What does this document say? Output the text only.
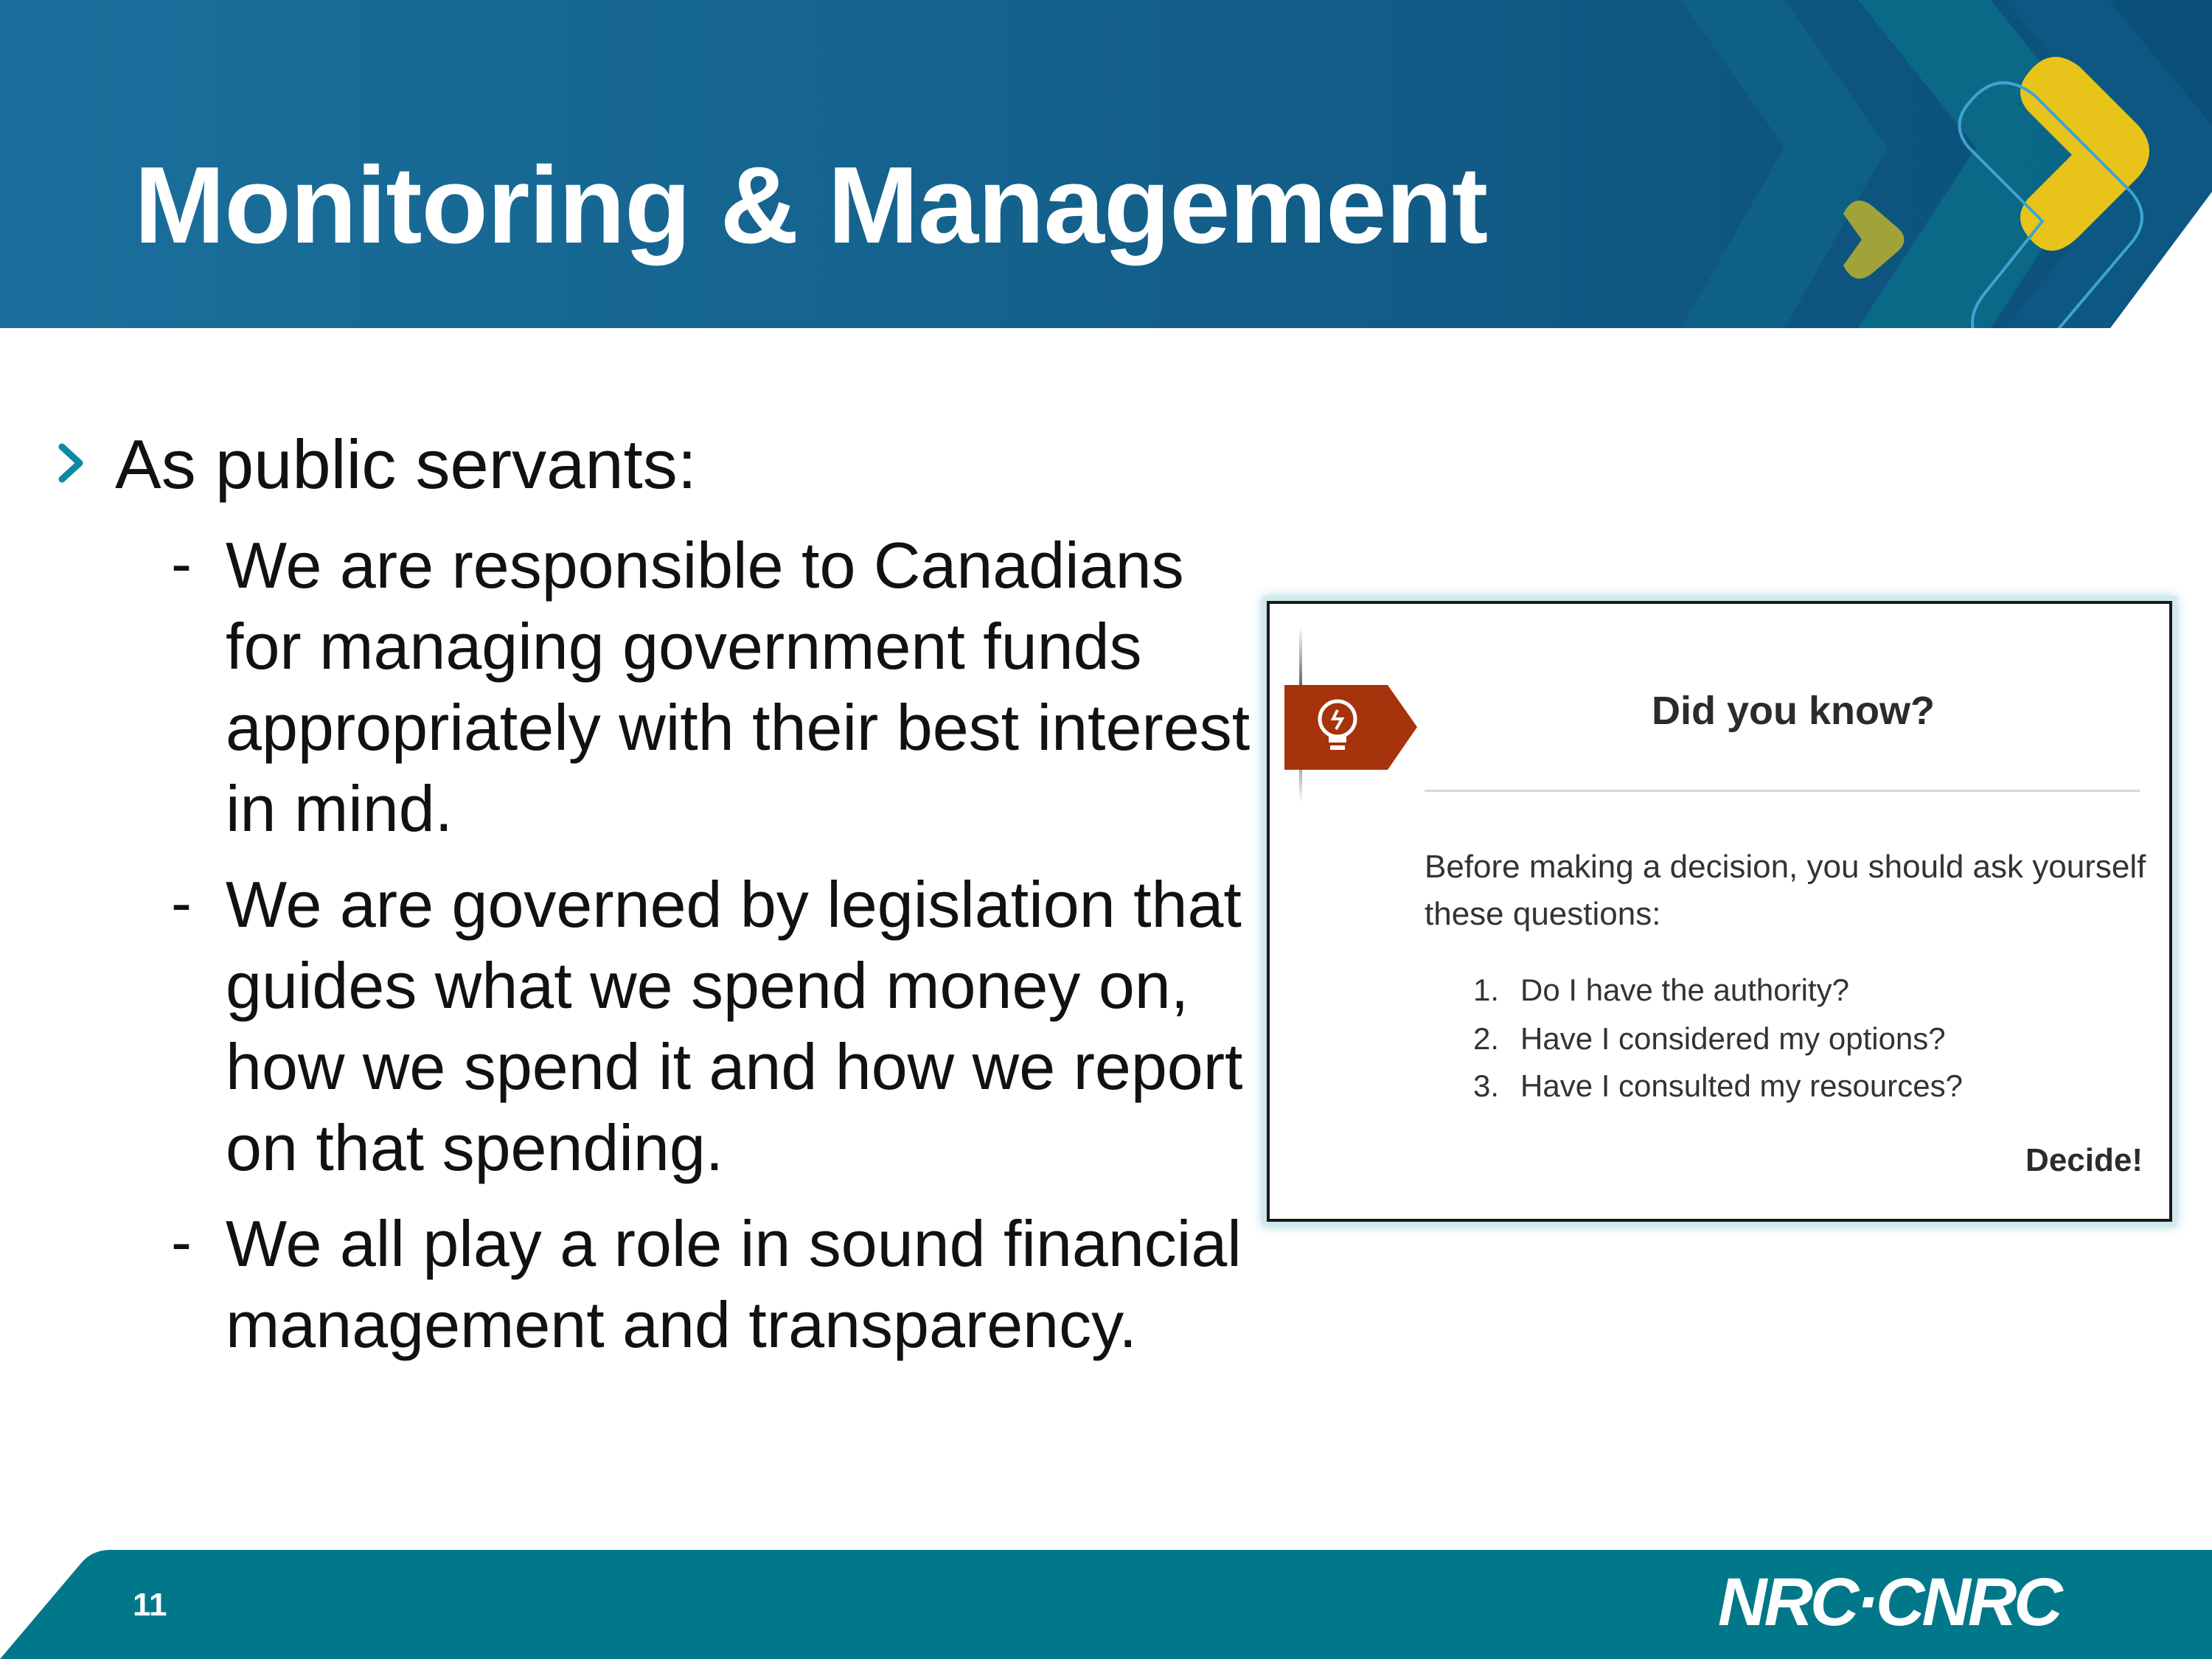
Monitoring & Management
As public servants:
- We are responsible to Canadians for managing government funds appropriately with their best interest in mind.
- We are governed by legislation that guides what we spend money on, how we spend it and how we report on that spending.
- We all play a role in sound financial management and transparency.
Did you know?
Before making a decision, you should ask yourself these questions:
1. Do I have the authority?
2. Have I considered my options?
3. Have I consulted my resources?
Decide!
11	NRC·CNRC
